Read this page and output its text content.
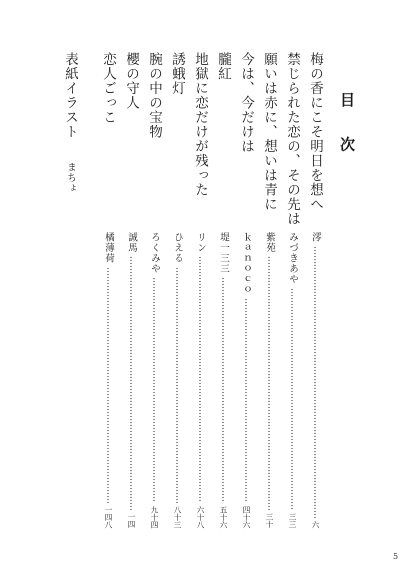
目 次
梅の香にこそ明日を想へ
澪
六
禁じられた恋の、その先は
みづきあや
三三
願いは赤に、想いは青に
紫苑
三十
今は、今だけは
ｋａｎｏｃｏ
四十六
朧紅
堤一三三
五十六
地獄に恋だけが残った
リン
六十八
誘蛾灯
ひえる
八十三
腕の中の宝物
ろくみや
九十四
櫻の守人
誠馬
一四
恋人ごっこ
橘薄荷
一四八
表紙イラスト
まちょ
5
